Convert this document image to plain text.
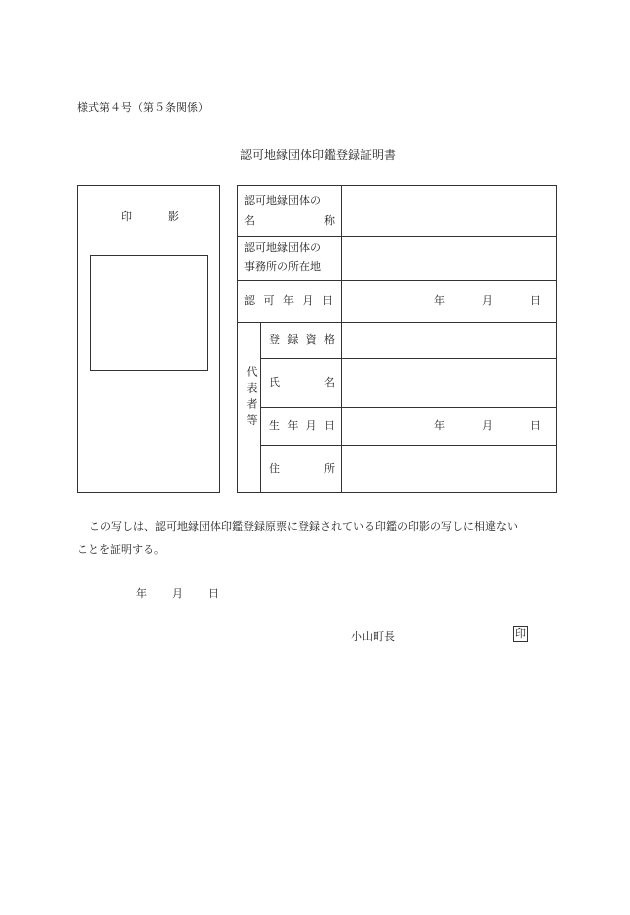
様式第４号（第５条関係）
認可地縁団体印鑑登録証明書
印	影
認可地縁団体の
名	称
認可地縁団体の
事務所の所在地
認 可 年 月 日	年	月	日
代表者等
登 録 資 格
氏	名
生 年 月 日	年	月	日
住	所
この写しは、認可地縁団体印鑑登録原票に登録されている印鑑の印影の写しに相違ない
ことを証明する。
年 月 日
小山町長	印
